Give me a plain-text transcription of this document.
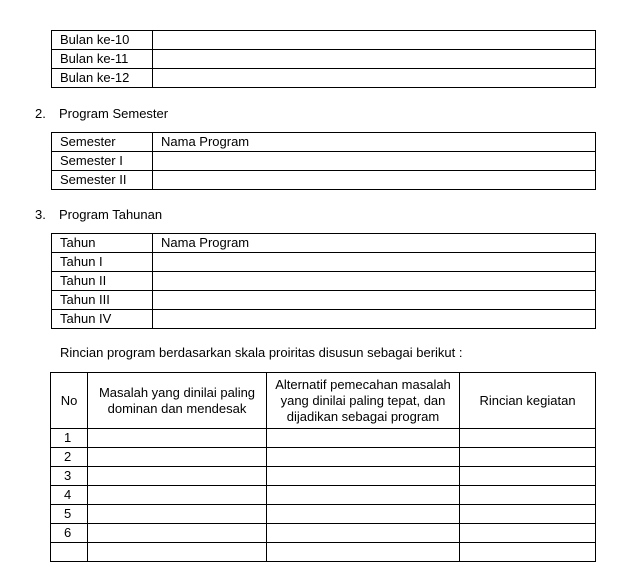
Bulan ke-10	
Bulan ke-11	
Bulan ke-12	
2. Program Semester
Semester	Nama Program
Semester I	
Semester II	
3. Program Tahunan
Tahun	Nama Program
Tahun I	
Tahun II	
Tahun III	
Tahun IV	
Rincian program berdasarkan skala proiritas disusun sebagai berikut :
No	Masalah yang dinilai paling dominan dan mendesak	Alternatif pemecahan masalah yang dinilai paling tepat, dan dijadikan sebagai program	Rincian kegiatan
1			
2			
3			
4			
5			
6			
